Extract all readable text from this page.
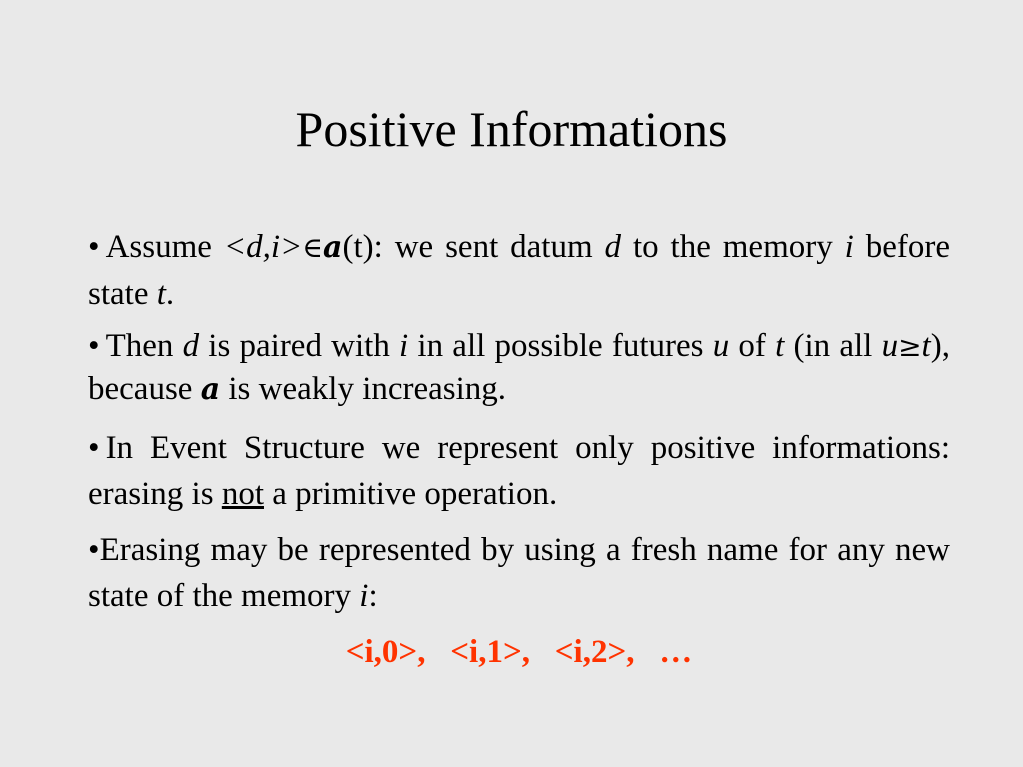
Positive Informations

• Assume <d,i>∈a(t): we sent datum d to the memory i before state t.

• Then d is paired with i in all possible futures u of t (in all u≥t), because a is weakly increasing.

• In Event Structure we represent only positive informations: erasing is not a primitive operation.

•Erasing may be represented by using a fresh name for any new state of the memory i:

<i,0>,   <i,1>,   <i,2>,   …
